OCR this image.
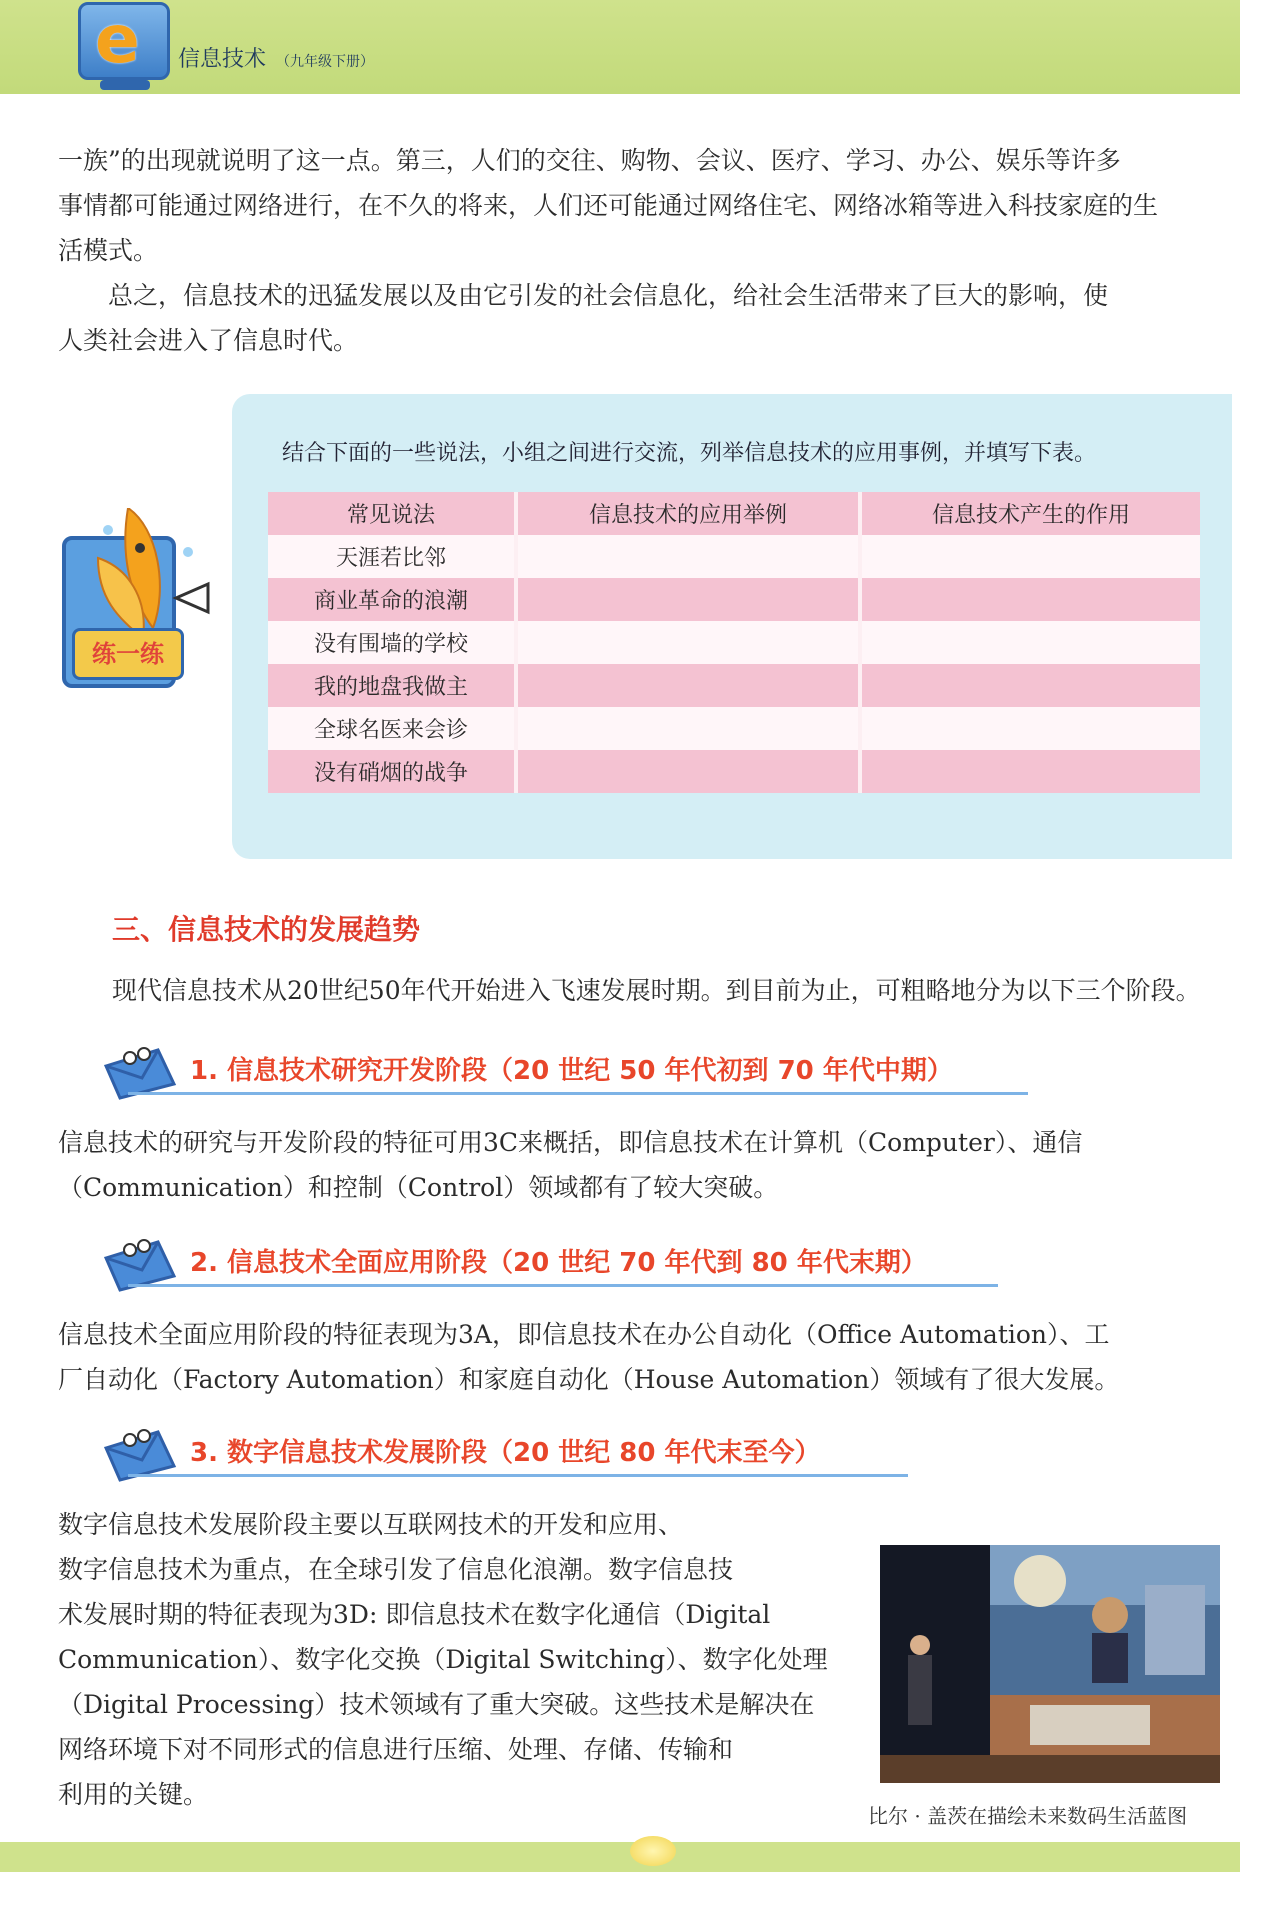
e 信息技术 （九年级下册）
一族”的出现就说明了这一点。第三，人们的交往、购物、会议、医疗、学习、办公、娱乐等许多
事情都可能通过网络进行，在不久的将来，人们还可能通过网络住宅、网络冰箱等进入科技家庭的生
活模式。
　　总之，信息技术的迅猛发展以及由它引发的社会信息化，给社会生活带来了巨大的影响，使
人类社会进入了信息时代。
结合下面的一些说法，小组之间进行交流，列举信息技术的应用事例，并填写下表。
常见说法	信息技术的应用举例	信息技术产生的作用
天涯若比邻		
商业革命的浪潮		
没有围墙的学校		
我的地盘我做主		
全球名医来会诊		
没有硝烟的战争		
练一练
三、信息技术的发展趋势
现代信息技术从20世纪50年代开始进入飞速发展时期。到目前为止，可粗略地分为以下三个阶段。
1. 信息技术研究开发阶段（20 世纪 50 年代初到 70 年代中期）
信息技术的研究与开发阶段的特征可用3C来概括，即信息技术在计算机（Computer）、通信
（Communication）和控制（Control）领域都有了较大突破。
2. 信息技术全面应用阶段（20 世纪 70 年代到 80 年代末期）
信息技术全面应用阶段的特征表现为3A，即信息技术在办公自动化（Office Automation）、工
厂自动化（Factory Automation）和家庭自动化（House Automation）领域有了很大发展。
3. 数字信息技术发展阶段（20 世纪 80 年代末至今）
数字信息技术发展阶段主要以互联网技术的开发和应用、
数字信息技术为重点，在全球引发了信息化浪潮。数字信息技
术发展时期的特征表现为3D: 即信息技术在数字化通信（Digital
Communication）、数字化交换（Digital Switching）、数字化处理
（Digital Processing）技术领域有了重大突破。这些技术是解决在
网络环境下对不同形式的信息进行压缩、处理、存储、传输和
利用的关键。
比尔 · 盖茨在描绘未来数码生活蓝图
